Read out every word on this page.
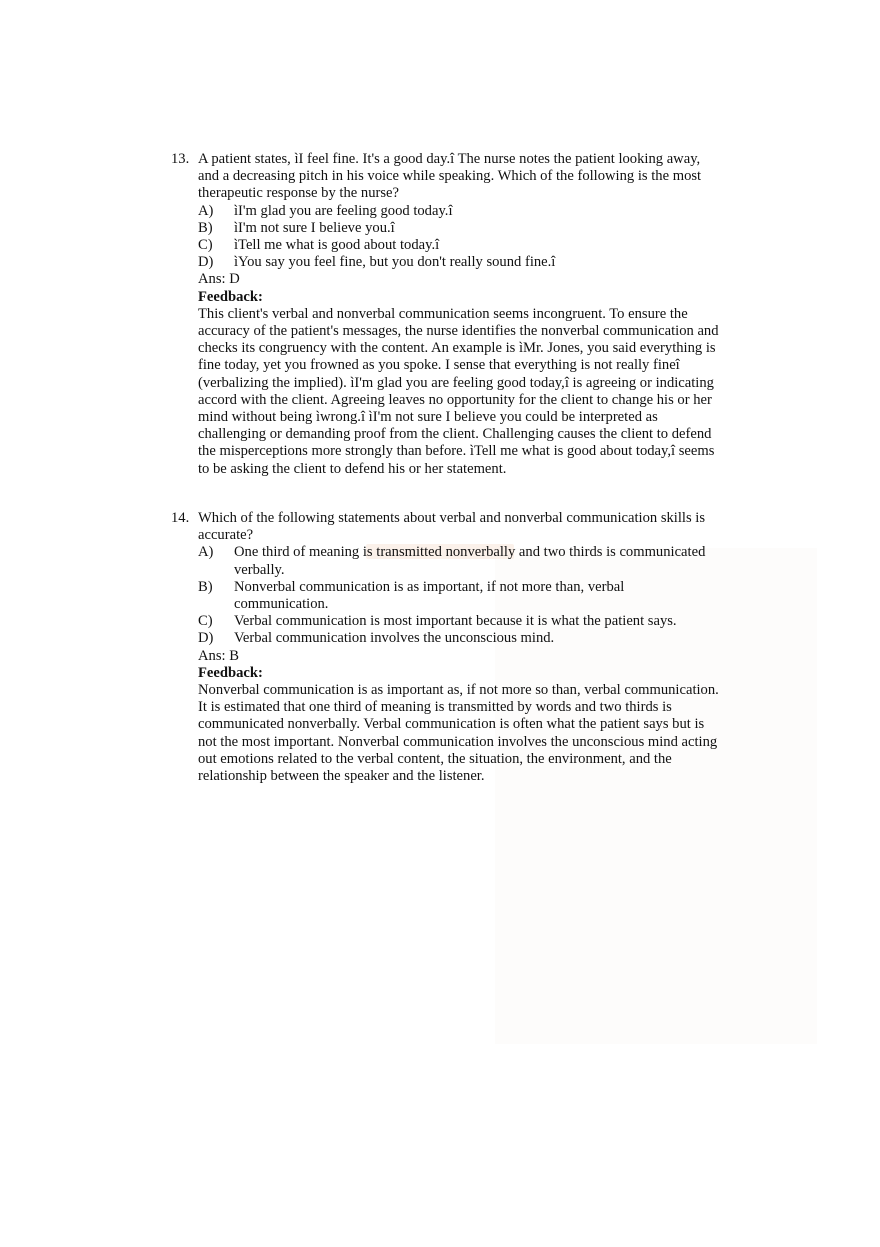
13. A patient states, ìI feel fine. It's a good day.î The nurse notes the patient looking away, and a decreasing pitch in his voice while speaking. Which of the following is the most therapeutic response by the nurse?

A)	ìI'm glad you are feeling good today.î
B)	ìI'm not sure I believe you.î
C)	ìTell me what is good about today.î
D)	ìYou say you feel fine, but you don't really sound fine.î

Ans: D

Feedback:

This client's verbal and nonverbal communication seems incongruent. To ensure the accuracy of the patient's messages, the nurse identifies the nonverbal communication and checks its congruency with the content. An example is ìMr. Jones, you said everything is fine today, yet you frowned as you spoke. I sense that everything is not really fineî (verbalizing the implied). ìI'm glad you are feeling good today,î is agreeing or indicating accord with the client. Agreeing leaves no opportunity for the client to change his or her mind without being ìwrong.î ìI'm not sure I believe you could be interpreted as challenging or demanding proof from the client. Challenging causes the client to defend the misperceptions more strongly than before. ìTell me what is good about today,î seems to be asking the client to defend his or her statement.

14. Which of the following statements about verbal and nonverbal communication skills is accurate?

A)	One third of meaning is transmitted nonverbally and two thirds is communicated verbally.
B)	Nonverbal communication is as important, if not more than, verbal communication.
C)	Verbal communication is most important because it is what the patient says.
D)	Verbal communication involves the unconscious mind.

Ans: B

Feedback:

Nonverbal communication is as important as, if not more so than, verbal communication. It is estimated that one third of meaning is transmitted by words and two thirds is communicated nonverbally. Verbal communication is often what the patient says but is not the most important. Nonverbal communication involves the unconscious mind acting out emotions related to the verbal content, the situation, the environment, and the relationship between the speaker and the listener.
